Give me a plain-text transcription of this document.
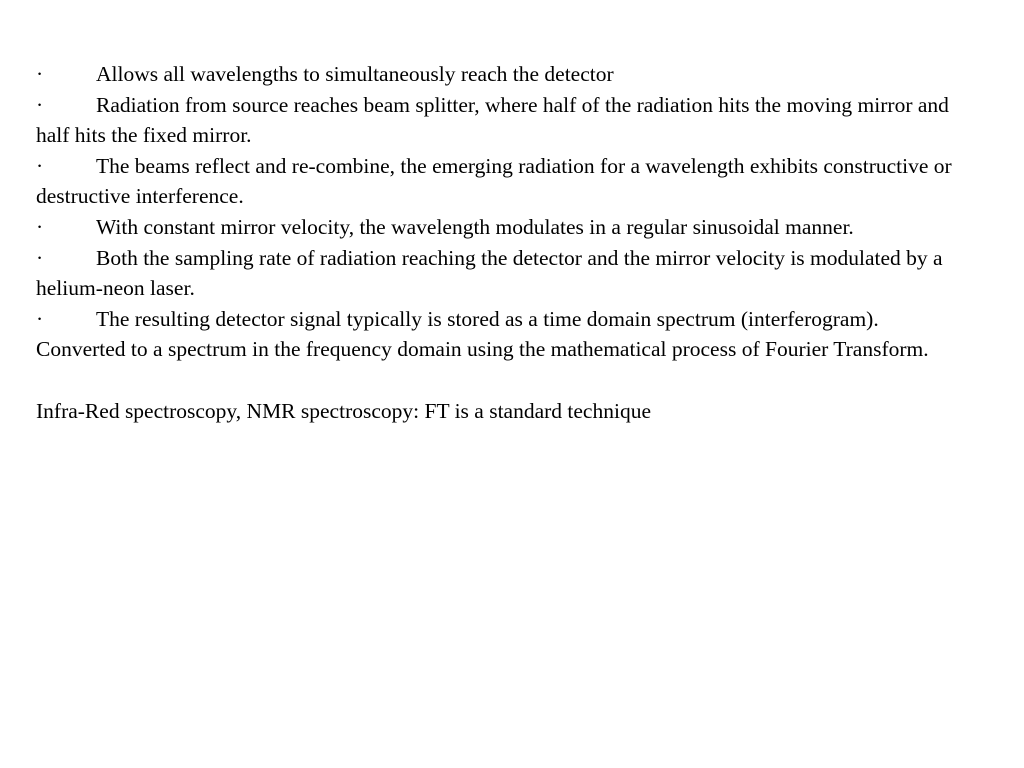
· Allows all wavelengths to simultaneously reach the detector

· Radiation from source reaches beam splitter, where half of the radiation hits the moving mirror and half hits the fixed mirror.

· The beams reflect and re-combine, the emerging radiation for a wavelength exhibits constructive or destructive interference.

· With constant mirror velocity, the wavelength modulates in a regular sinusoidal manner.

· Both the sampling rate of radiation reaching the detector and the mirror velocity is modulated by a helium-neon laser.

· The resulting detector signal typically is stored as a time domain spectrum (interferogram).

Converted to a spectrum in the frequency domain using the mathematical process of Fourier Transform.

Infra-Red spectroscopy, NMR spectroscopy: FT is a standard technique
